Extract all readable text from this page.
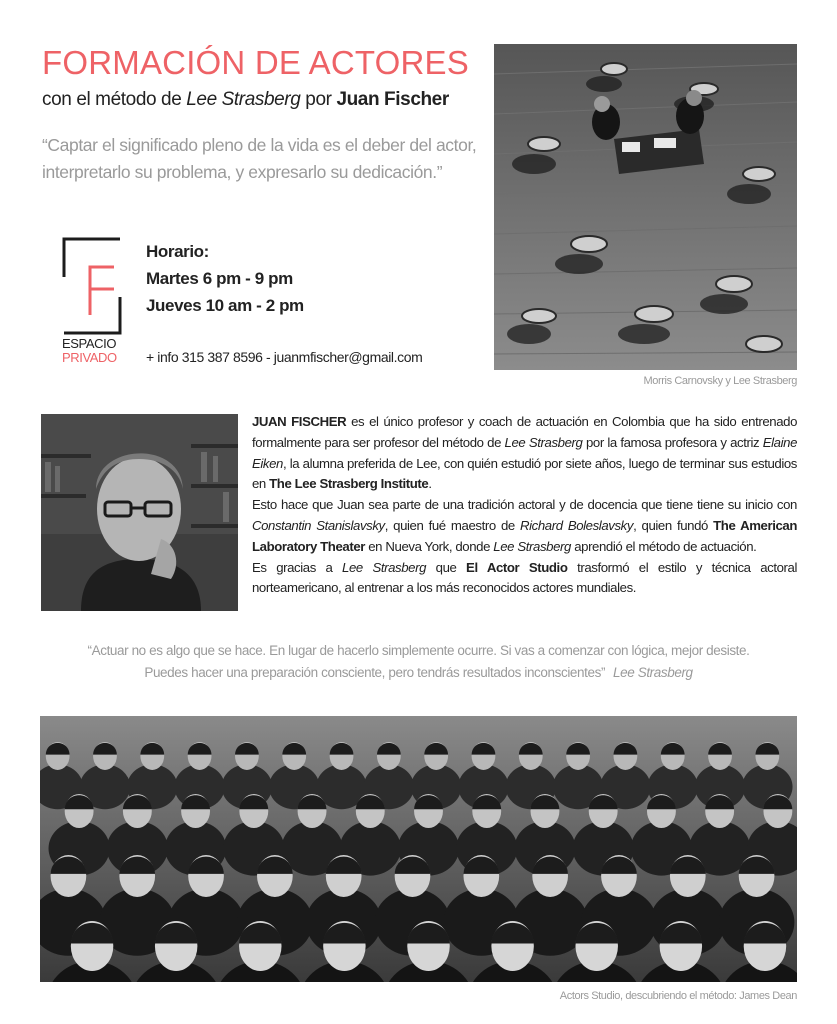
FORMACIÓN DE ACTORES
con el método de Lee Strasberg por Juan Fischer
“Captar el significado pleno de la vida es el deber del actor,
interpretarlo su problema, y expresarlo su dedicación.”
ESPACIO
PRIVADO
Horario:
Martes 6 pm - 9 pm
Jueves 10 am - 2 pm
+ info 315 387 8596 - juanmfischer@gmail.com
Morris Carnovsky y Lee Strasberg

JUAN FISCHER es el único profesor y coach de actuación en Colombia que ha sido entrenado formalmente para ser profesor del método de Lee Strasberg por la famosa profesora y actriz Elaine Eiken, la alumna preferida de Lee, con quién estudió por siete años, luego de terminar sus estudios en The Lee Strasberg Institute.

Esto hace que Juan sea parte de una tradición actoral y de docencia que tiene tiene su inicio con Constantin Stanislavsky, quien fué maestro de Richard Boleslavsky, quien fundó The American Laboratory Theater en Nueva York, donde Lee Strasberg aprendió el método de actuación.

Es gracias a Lee Strasberg que El Actor Studio trasformó el estilo y técnica actoral norteamericano, al entrenar a los más reconocidos actores mundiales.

“Actuar no es algo que se hace. En lugar de hacerlo simplemente ocurre. Si vas a comenzar con lógica, mejor desiste.
Puedes hacer una preparación consciente, pero tendrás resultados inconscientes” Lee Strasberg
Actors Studio, descubriendo el método: James Dean
